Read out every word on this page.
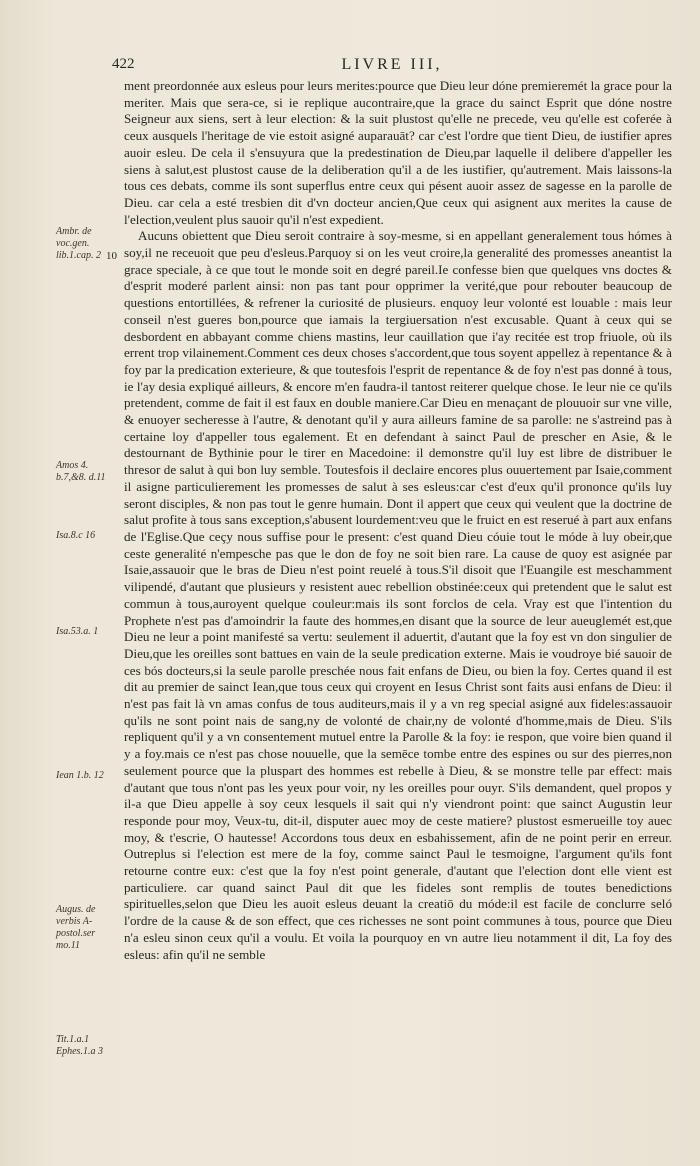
422	LIVRE III,
Ambr. de voc.gen. lib.1.cap. 2 10
Amos 4. b.7,&8. d.11
Isa.8.c 16
Isa.53.a. 1
Iean 1.b. 12
Augus. de verbis A-postol.ser mo.11
Tit.1.a.1 Ephes.1.a 3

ment preordonnée aux esleus pour leurs merites:pource que Dieu leur dóne premieremét la grace pour la meriter. Mais que sera-ce, si ie replique aucontraire,que la grace du sainct Esprit que dóne nostre Seigneur aux siens, sert à leur election: & la suit plustost qu'elle ne precede, veu qu'elle est coferée à ceux ausquels l'heritage de vie estoit asigné auparauāt? car c'est l'ordre que tient Dieu, de iustifier apres auoir esleu. De cela il s'ensuyura que la predestination de Dieu,par laquelle il delibere d'appeller les siens à salut,est plustost cause de la deliberation qu'il a de les iustifier, qu'autrement. Mais laissons-la tous ces debats, comme ils sont superflus entre ceux qui pésent auoir assez de sagesse en la parolle de Dieu. car cela a esté tresbien dit d'vn docteur ancien,Que ceux qui asignent aux merites la cause de l'election,veulent plus sauoir qu'il n'est expedient.

Aucuns obiettent que Dieu seroit contraire à soy-mesme, si en appellant generalement tous hómes à soy,il ne receuoit que peu d'esleus.Parquoy si on les veut croire,la generalité des promesses aneantist la grace speciale, à ce que tout le monde soit en degré pareil.Ie confesse bien que quelques vns doctes & d'esprit moderé parlent ainsi: non pas tant pour opprimer la verité,que pour rebouter beaucoup de questions entortillées, & refrener la curiosité de plusieurs. enquoy leur volonté est louable : mais leur conseil n'est gueres bon,pource que iamais la tergiuersation n'est excusable. Quant à ceux qui se desbordent en abbayant comme chiens mastins, leur cauillation que i'ay recitée est trop friuole, où ils errent trop vilainement.Comment ces deux choses s'accordent,que tous soyent appellez à repentance & à foy par la predication exterieure, & que toutesfois l'esprit de repentance & de foy n'est pas donné à tous, ie l'ay desia expliqué ailleurs, & encore m'en faudra-il tantost reiterer quelque chose. Ie leur nie ce qu'ils pretendent, comme de fait il est faux en double maniere.Car Dieu en menaçant de plouuoir sur vne ville, & enuoyer secheresse à l'autre, & denotant qu'il y aura ailleurs famine de sa parolle: ne s'astreind pas à certaine loy d'appeller tous egalement. Et en defendant à sainct Paul de prescher en Asie, & le destournant de Bythinie pour le tirer en Macedoine: il demonstre qu'il luy est libre de distribuer le thresor de salut à qui bon luy semble. Toutesfois il declaire encores plus ouuertement par Isaie,comment il asigne particulierement les promesses de salut à ses esleus:car c'est d'eux qu'il prononce qu'ils luy seront disciples, & non pas tout le genre humain. Dont il appert que ceux qui veulent que la doctrine de salut profite à tous sans exception,s'abusent lourdement:veu que le fruict en est reserué à part aux enfans de l'Eglise.Que ceçy nous suffise pour le present: c'est quand Dieu cóuie tout le móde à luy obeir,que ceste generalité n'empesche pas que le don de foy ne soit bien rare. La cause de quoy est asignée par Isaie,assauoir que le bras de Dieu n'est point reuelé à tous.S'il disoit que l'Euangile est meschamment vilipendé, d'autant que plusieurs y resistent auec rebellion obstinée:ceux qui pretendent que le salut est commun à tous,auroyent quelque couleur:mais ils sont forclos de cela. Vray est que l'intention du Prophete n'est pas d'amoindrir la faute des hommes,en disant que la source de leur aueuglemét est,que Dieu ne leur a point manifesté sa vertu: seulement il aduertit, d'autant que la foy est vn don singulier de Dieu,que les oreilles sont battues en vain de la seule predication externe. Mais ie voudroye bié sauoir de ces bós docteurs,si la seule parolle preschée nous fait enfans de Dieu, ou bien la foy. Certes quand il est dit au premier de sainct Iean,que tous ceux qui croyent en Iesus Christ sont faits ausi enfans de Dieu: il n'est pas fait là vn amas confus de tous auditeurs,mais il y a vn reg special asigné aux fideles:assauoir qu'ils ne sont point nais de sang,ny de volonté de chair,ny de volonté d'homme,mais de Dieu. S'ils repliquent qu'il y a vn consentement mutuel entre la Parolle & la foy: ie respon, que voire bien quand il y a foy.mais ce n'est pas chose nouuelle, que la semēce tombe entre des espines ou sur des pierres,non seulement pource que la pluspart des hommes est rebelle à Dieu, & se monstre telle par effect: mais d'autant que tous n'ont pas les yeux pour voir, ny les oreilles pour ouyr. S'ils demandent, quel propos y il-a que Dieu appelle à soy ceux lesquels il sait qui n'y viendront point: que sainct Augustin leur responde pour moy, Veux-tu, dit-il, disputer auec moy de ceste matiere? plustost esmerueille toy auec moy, & t'escrie, O hautesse! Accordons tous deux en esbahissement, afin de ne point perir en erreur. Outreplus si l'election est mere de la foy, comme sainct Paul le tesmoigne, l'argument qu'ils font retourne contre eux: c'est que la foy n'est point generale, d'autant que l'election dont elle vient est particuliere. car quand sainct Paul dit que les fideles sont remplis de toutes benedictions spirituelles,selon que Dieu les auoit esleus deuant la creatiō du móde:il est facile de conclurre seló l'ordre de la cause & de son effect, que ces richesses ne sont point communes à tous, pource que Dieu n'a esleu sinon ceux qu'il a voulu. Et voila la pourquoy en vn autre lieu notamment il dit, La foy des esleus: afin qu'il ne semble
